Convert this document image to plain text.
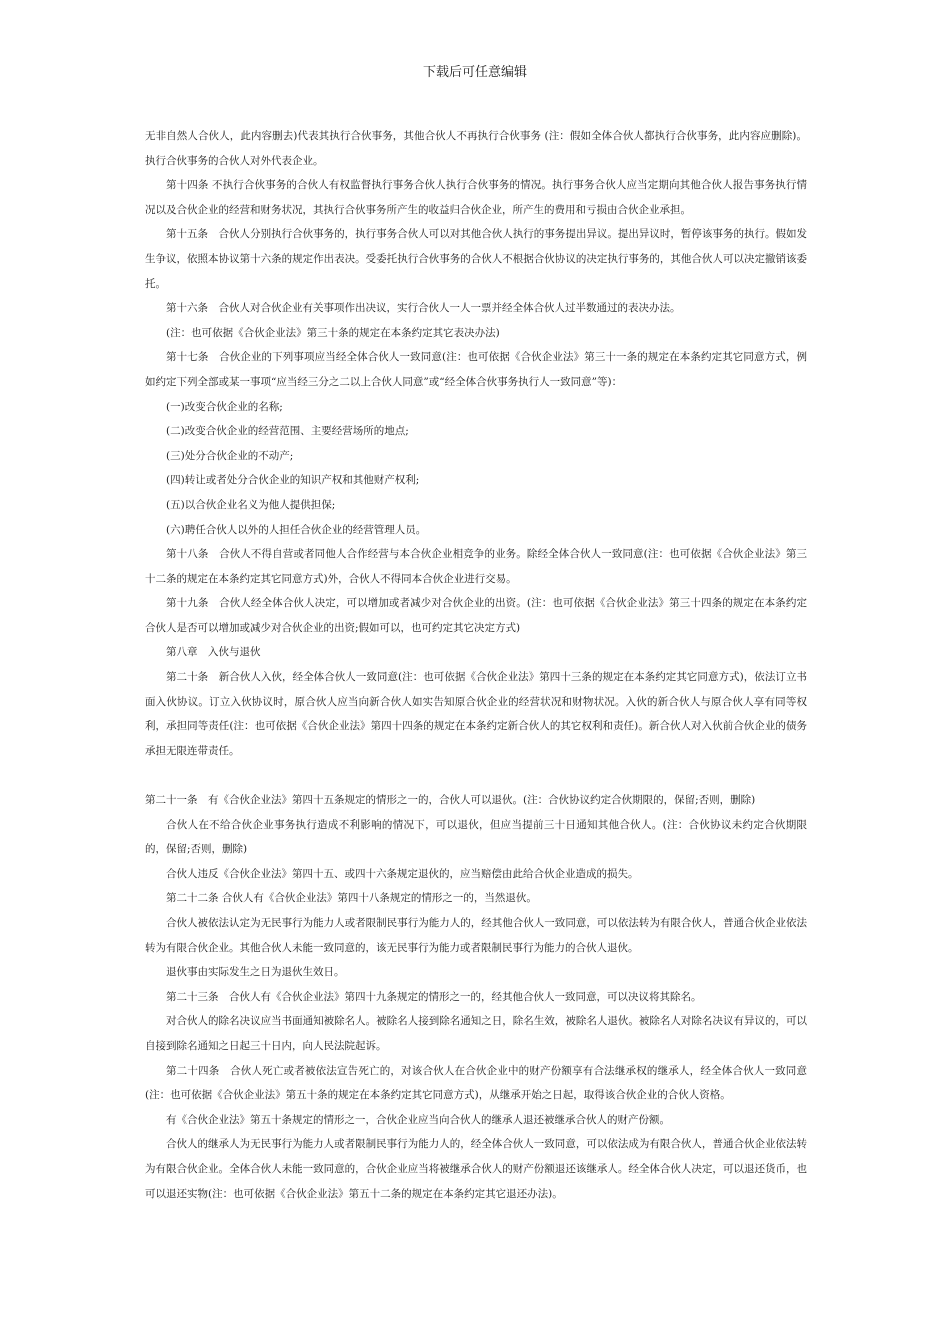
下载后可任意编辑

无非自然人合伙人，此内容删去)代表其执行合伙事务，其他合伙人不再执行合伙事务 (注：假如全体合伙人都执行合伙事务，此内容应删除)。执行合伙事务的合伙人对外代表企业。

第十四条 不执行合伙事务的合伙人有权监督执行事务合伙人执行合伙事务的情况。执行事务合伙人应当定期向其他合伙人报告事务执行情况以及合伙企业的经营和财务状况，其执行合伙事务所产生的收益归合伙企业，所产生的费用和亏损由合伙企业承担。

第十五条　合伙人分别执行合伙事务的，执行事务合伙人可以对其他合伙人执行的事务提出异议。提出异议时，暂停该事务的执行。假如发生争议，依照本协议第十六条的规定作出表决。受委托执行合伙事务的合伙人不根据合伙协议的决定执行事务的，其他合伙人可以决定撤销该委托。

第十六条　合伙人对合伙企业有关事项作出决议，实行合伙人一人一票并经全体合伙人过半数通过的表决办法。

(注：也可依据《合伙企业法》第三十条的规定在本条约定其它表决办法)

第十七条　合伙企业的下列事项应当经全体合伙人一致同意(注：也可依据《合伙企业法》第三十一条的规定在本条约定其它同意方式，例如约定下列全部或某一事项“应当经三分之二以上合伙人同意”或“经全体合伙事务执行人一致同意”等)：

(一)改变合伙企业的名称;

(二)改变合伙企业的经营范围、主要经营场所的地点;

(三)处分合伙企业的不动产;

(四)转让或者处分合伙企业的知识产权和其他财产权利;

(五)以合伙企业名义为他人提供担保;

(六)聘任合伙人以外的人担任合伙企业的经营管理人员。

第十八条　合伙人不得自营或者同他人合作经营与本合伙企业相竞争的业务。除经全体合伙人一致同意(注：也可依据《合伙企业法》第三十二条的规定在本条约定其它同意方式)外，合伙人不得同本合伙企业进行交易。

第十九条　合伙人经全体合伙人决定，可以增加或者减少对合伙企业的出资。(注：也可依据《合伙企业法》第三十四条的规定在本条约定合伙人是否可以增加或减少对合伙企业的出资;假如可以，也可约定其它决定方式)

第八章　入伙与退伙

第二十条　新合伙人入伙，经全体合伙人一致同意(注：也可依据《合伙企业法》第四十三条的规定在本条约定其它同意方式)，依法订立书面入伙协议。订立入伙协议时，原合伙人应当向新合伙人如实告知原合伙企业的经营状况和财物状况。入伙的新合伙人与原合伙人享有同等权利，承担同等责任(注：也可依据《合伙企业法》第四十四条的规定在本条约定新合伙人的其它权利和责任)。新合伙人对入伙前合伙企业的债务承担无限连带责任。

第二十一条　有《合伙企业法》第四十五条规定的情形之一的，合伙人可以退伙。(注：合伙协议约定合伙期限的，保留;否则，删除)

合伙人在不给合伙企业事务执行造成不利影响的情况下，可以退伙，但应当提前三十日通知其他合伙人。(注：合伙协议未约定合伙期限的，保留;否则，删除)

合伙人违反《合伙企业法》第四十五、或四十六条规定退伙的，应当赔偿由此给合伙企业造成的损失。

第二十二条 合伙人有《合伙企业法》第四十八条规定的情形之一的，当然退伙。

合伙人被依法认定为无民事行为能力人或者限制民事行为能力人的，经其他合伙人一致同意，可以依法转为有限合伙人，普通合伙企业依法转为有限合伙企业。其他合伙人未能一致同意的，该无民事行为能力或者限制民事行为能力的合伙人退伙。

退伙事由实际发生之日为退伙生效日。

第二十三条　合伙人有《合伙企业法》第四十九条规定的情形之一的，经其他合伙人一致同意，可以决议将其除名。

对合伙人的除名决议应当书面通知被除名人。被除名人接到除名通知之日，除名生效，被除名人退伙。被除名人对除名决议有异议的，可以自接到除名通知之日起三十日内，向人民法院起诉。

第二十四条　合伙人死亡或者被依法宣告死亡的，对该合伙人在合伙企业中的财产份额享有合法继承权的继承人，经全体合伙人一致同意(注：也可依据《合伙企业法》第五十条的规定在本条约定其它同意方式)，从继承开始之日起，取得该合伙企业的合伙人资格。

有《合伙企业法》第五十条规定的情形之一，合伙企业应当向合伙人的继承人退还被继承合伙人的财产份额。

合伙人的继承人为无民事行为能力人或者限制民事行为能力人的，经全体合伙人一致同意，可以依法成为有限合伙人，普通合伙企业依法转为有限合伙企业。全体合伙人未能一致同意的，合伙企业应当将被继承合伙人的财产份额退还该继承人。经全体合伙人决定，可以退还货币，也可以退还实物(注：也可依据《合伙企业法》第五十二条的规定在本条约定其它退还办法)。
